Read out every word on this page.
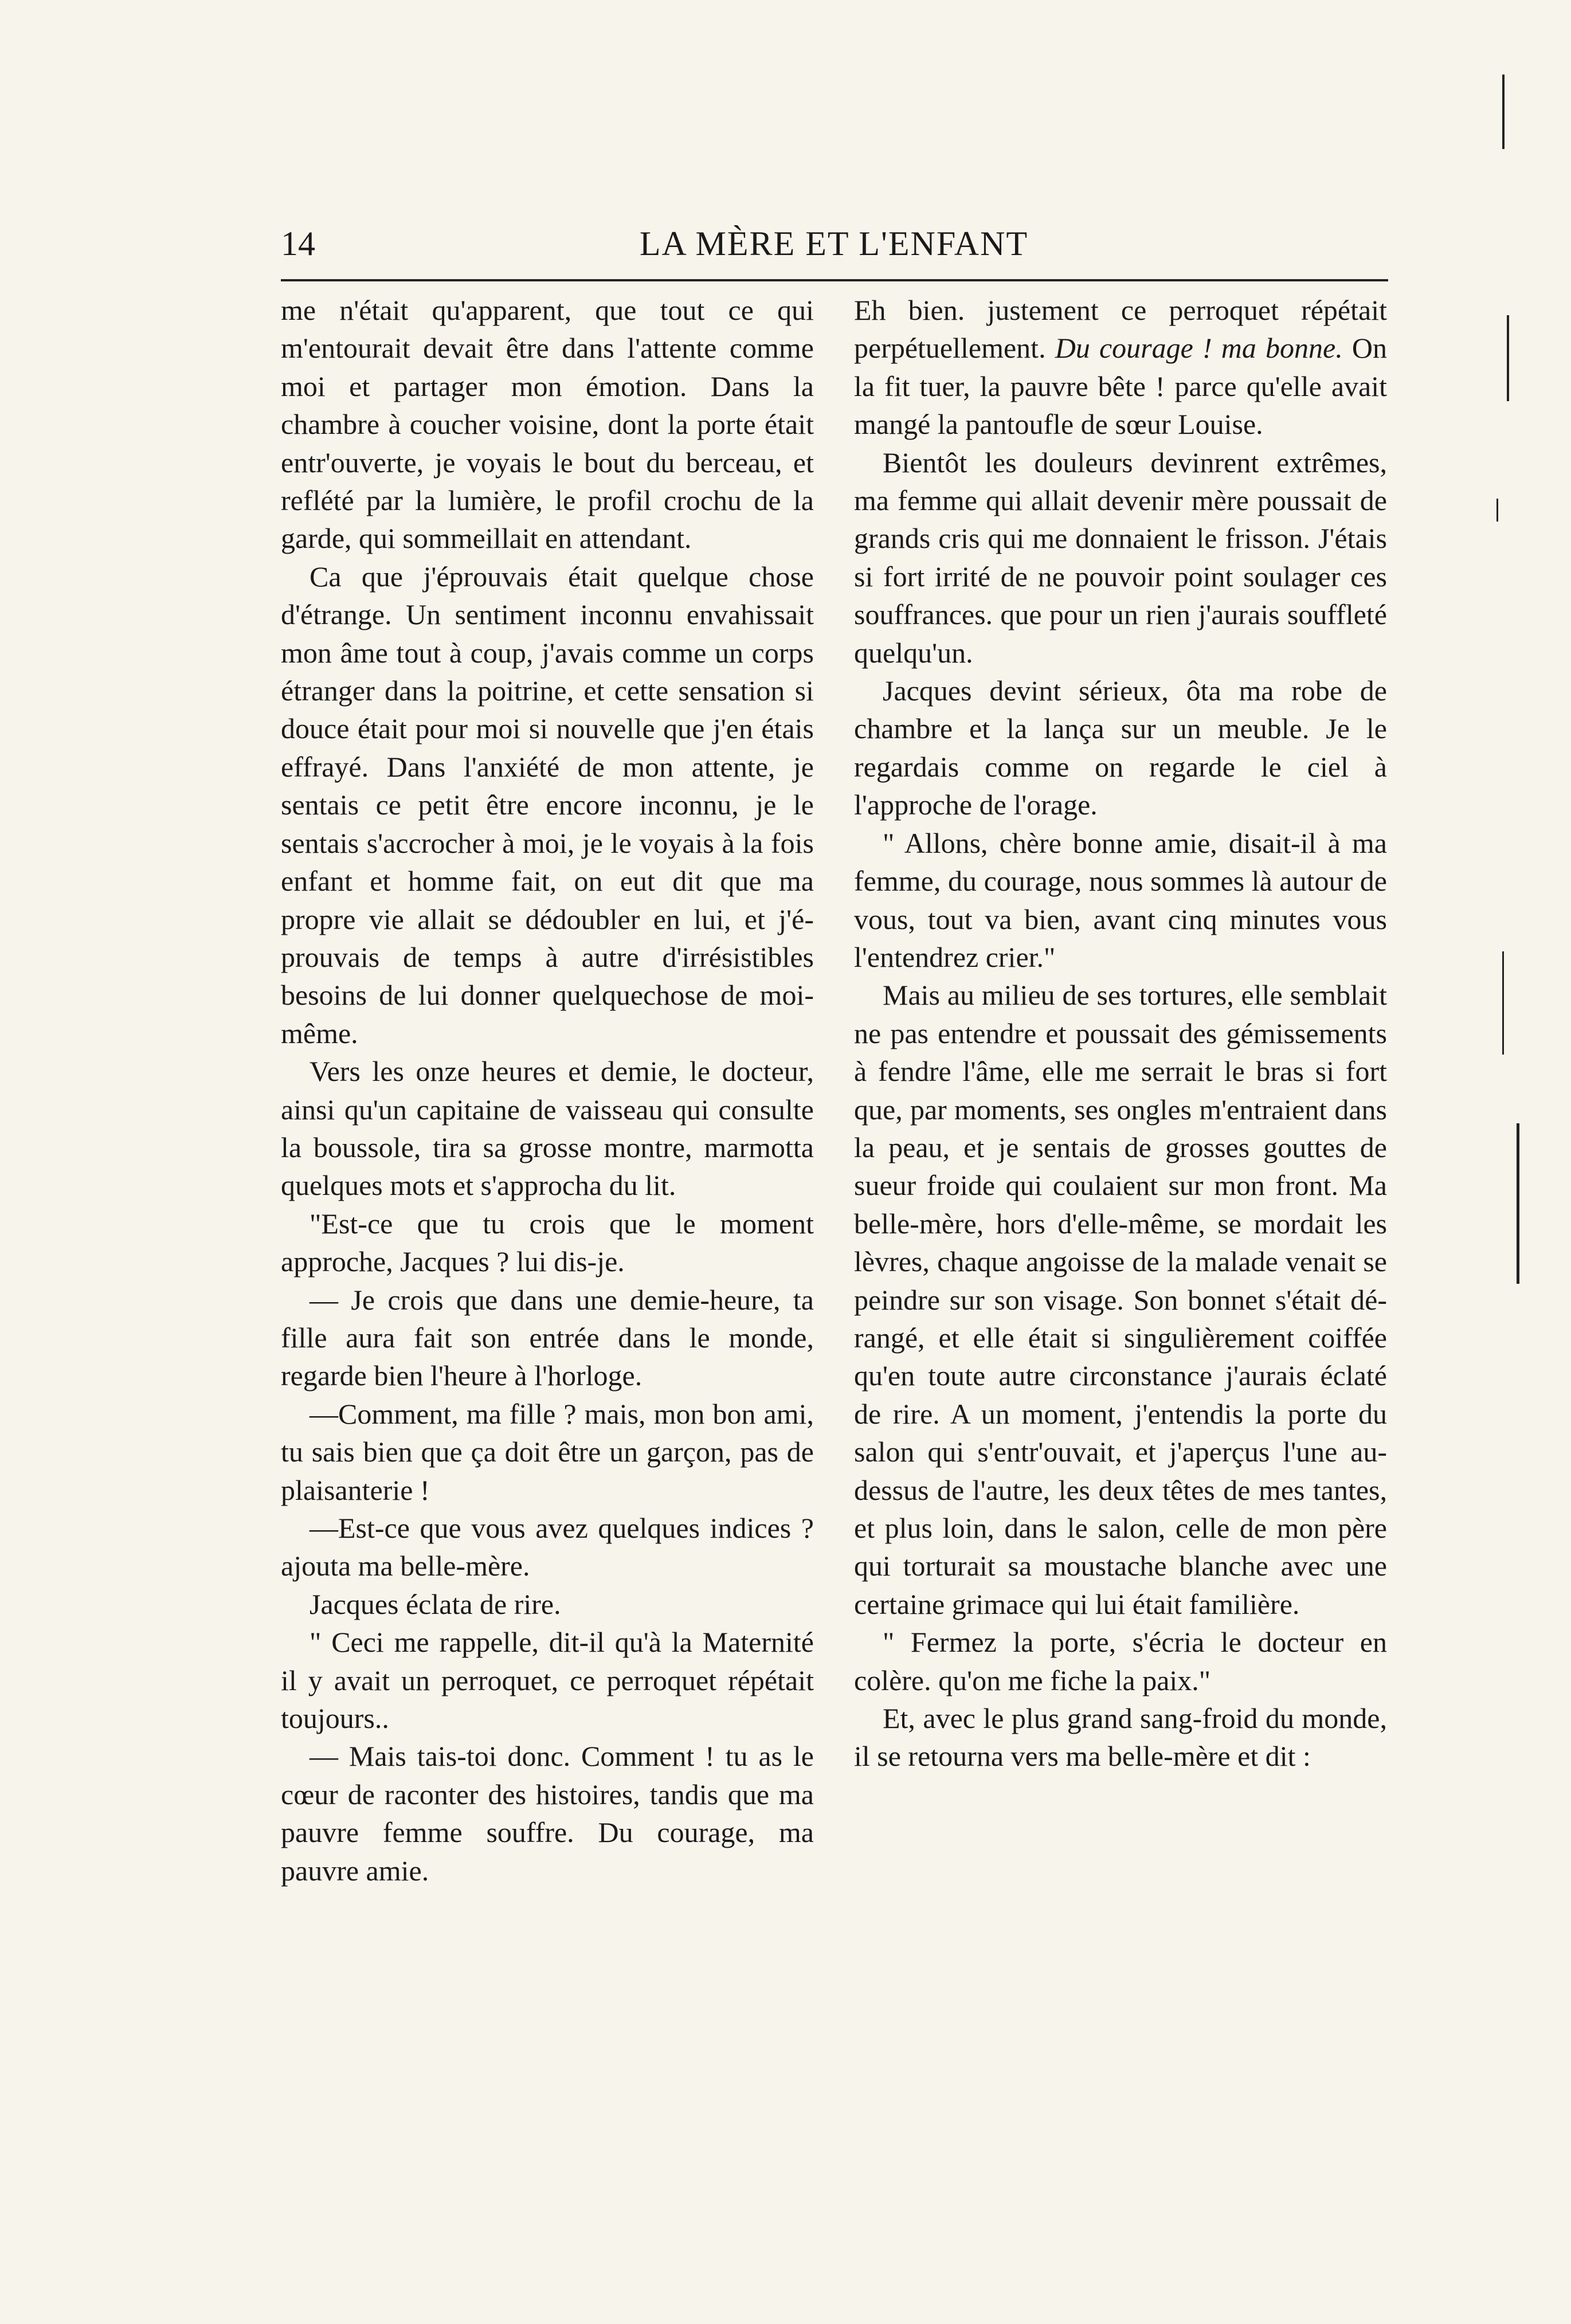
14	LA MÈRE ET L'ENFANT

me n'était qu'apparent, que tout ce qui m'entourait devait être dans l'attente comme moi et partager mon émotion. Dans la chambre à coucher voisine, dont la porte était entr'ouverte, je voyais le bout du berceau, et reflété par la lumière, le profil crochu de la garde, qui sommeillait en attendant.

Ca que j'éprouvais était quelque chose d'étrange. Un sentiment inconnu envahissait mon âme tout à coup, j'avais comme un corps étranger dans la poitrine, et cette sensation si douce était pour moi si nouvelle que j'en étais effrayé. Dans l'anxiété de mon attente, je sentais ce petit être encore inconnu, je le sentais s'accrocher à moi, je le voyais à la fois enfant et homme fait, on eut dit que ma propre vie allait se dédoubler en lui, et j'éprouvais de temps à autre d'irrésistibles besoins de lui donner quelquechose de moi-même.

Vers les onze heures et demie, le docteur, ainsi qu'un capitaine de vaisseau qui consulte la boussole, tira sa grosse montre, marmotta quelques mots et s'approcha du lit.

"Est-ce que tu crois que le moment approche, Jacques ? lui dis-je.

— Je crois que dans une demie-heure, ta fille aura fait son entrée dans le monde, regarde bien l'heure à l'horloge.

—Comment, ma fille ? mais, mon bon ami, tu sais bien que ça doit être un garçon, pas de plaisanterie !

—Est-ce que vous avez quelques indices ? ajouta ma belle-mère.

Jacques éclata de rire.

" Ceci me rappelle, dit-il qu'à la Maternité il y avait un perroquet, ce perroquet répétait toujours..

— Mais tais-toi donc. Comment ! tu as le cœur de raconter des histoires, tandis que ma pauvre femme souffre. Du courage, ma pauvre amie.

Eh bien. justement ce perroquet répétait perpétuellement. Du courage ! ma bonne. On la fit tuer, la pauvre bête ! parce qu'elle avait mangé la pantoufle de sœur Louise.

Bientôt les douleurs devinrent extrêmes, ma femme qui allait devenir mère poussait de grands cris qui me donnaient le frisson. J'étais si fort irrité de ne pouvoir point soulager ces souffrances. que pour un rien j'aurais souffleté quelqu'un.

Jacques devint sérieux, ôta ma robe de chambre et la lança sur un meuble. Je le regardais comme on regarde le ciel à l'approche de l'orage.

" Allons, chère bonne amie, disait-il à ma femme, du courage, nous sommes là autour de vous, tout va bien, avant cinq minutes vous l'entendrez crier."

Mais au milieu de ses tortures, elle semblait ne pas entendre et poussait des gémissements à fendre l'âme, elle me serrait le bras si fort que, par moments, ses ongles m'entraient dans la peau, et je sentais de grosses gouttes de sueur froide qui coulaient sur mon front. Ma belle-mère, hors d'elle-même, se mordait les lèvres, chaque angoisse de la malade venait se peindre sur son visage. Son bonnet s'était dérangé, et elle était si singulièrement coiffée qu'en toute autre circonstance j'aurais éclaté de rire. A un moment, j'entendis la porte du salon qui s'entr'ouvait, et j'aperçus l'une au-dessus de l'autre, les deux têtes de mes tantes, et plus loin, dans le salon, celle de mon père qui torturait sa moustache blanche avec une certaine grimace qui lui était familière.

" Fermez la porte, s'écria le docteur en colère. qu'on me fiche la paix."

Et, avec le plus grand sang-froid du monde, il se retourna vers ma belle-mère et dit :
